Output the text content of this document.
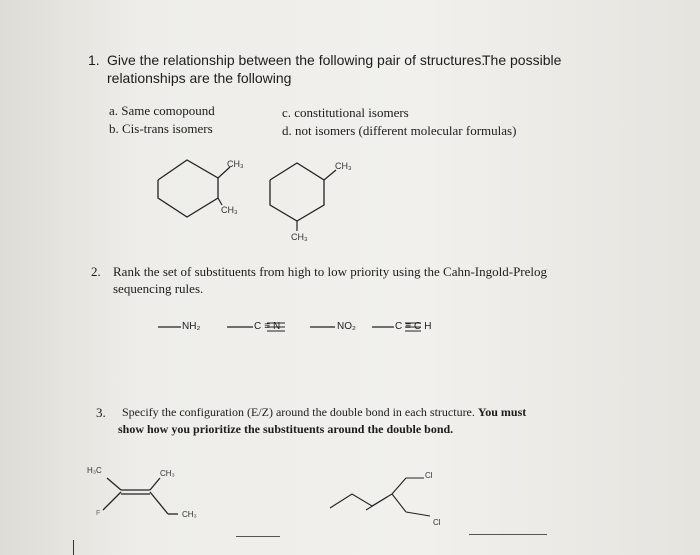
1. Give the relationship between the following pair of structures.
The possible
relationships are the following
a. Same comopound
b. Cis-trans isomers
c. constitutional isomers
d. not isomers (different molecular formulas)
CH₃
CH₃
CH₃
CH₃
2. Rank the set of substituents from high to low priority using the Cahn-Ingold-Prelog
sequencing rules.
NH₂	C≡N	NO₂	C≡CH
3. Specify the configuration (E/Z) around the double bond in each structure. You must
show how you prioritize the substituents around the double bond.
H₃C	CH₃
F	CH₃
Cl
Cl
